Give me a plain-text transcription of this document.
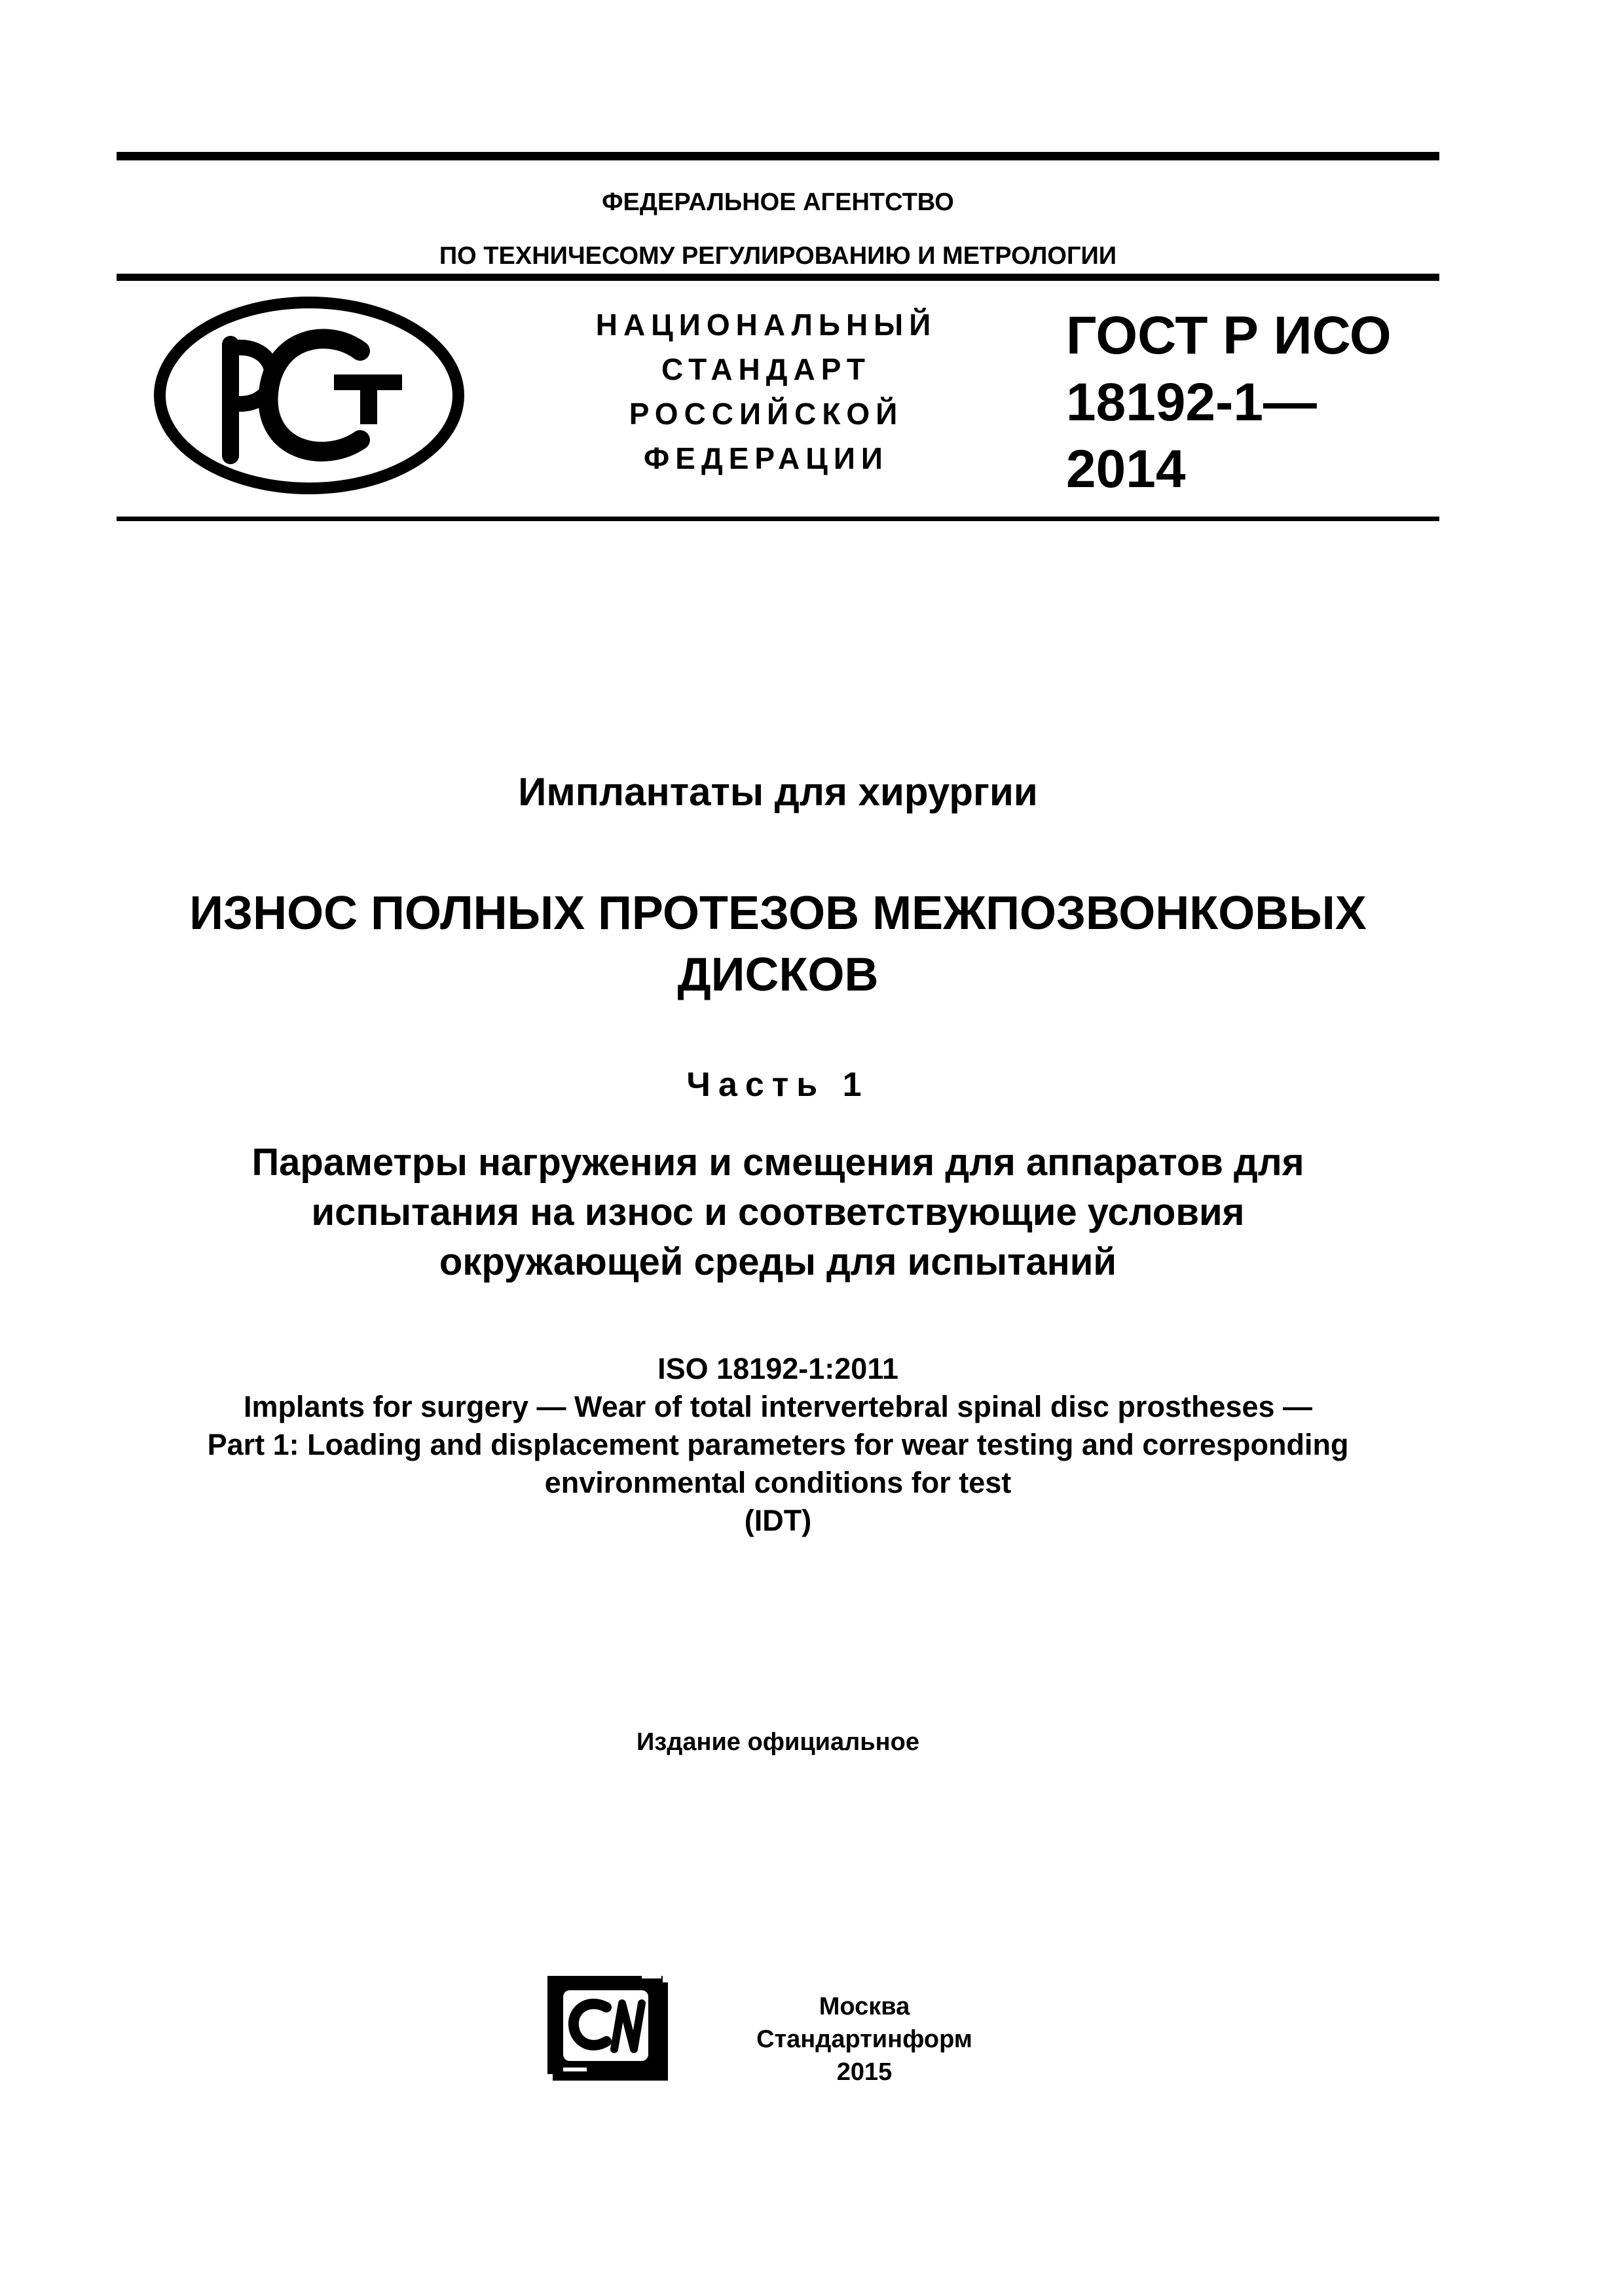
ФЕДЕРАЛЬНОЕ АГЕНТСТВО
ПО ТЕХНИЧЕСОМУ РЕГУЛИРОВАНИЮ И МЕТРОЛОГИИ
НАЦИОНАЛЬНЫЙ
СТАНДАРТ
РОССИЙСКОЙ
ФЕДЕРАЦИИ
ГОСТ Р ИСО
18192-1—
2014
Имплантаты для хирургии
ИЗНОС ПОЛНЫХ ПРОТЕЗОВ МЕЖПОЗВОНКОВЫХ
ДИСКОВ
Часть 1
Параметры нагружения и смещения для аппаратов для
испытания на износ и соответствующие условия
окружающей среды для испытаний
ISO 18192-1:2011
Implants for surgery — Wear of total intervertebral spinal disc prostheses —
Part 1: Loading and displacement parameters for wear testing and corresponding
environmental conditions for test
(IDT)
Издание официальное
Москва
Стандартинформ
2015
